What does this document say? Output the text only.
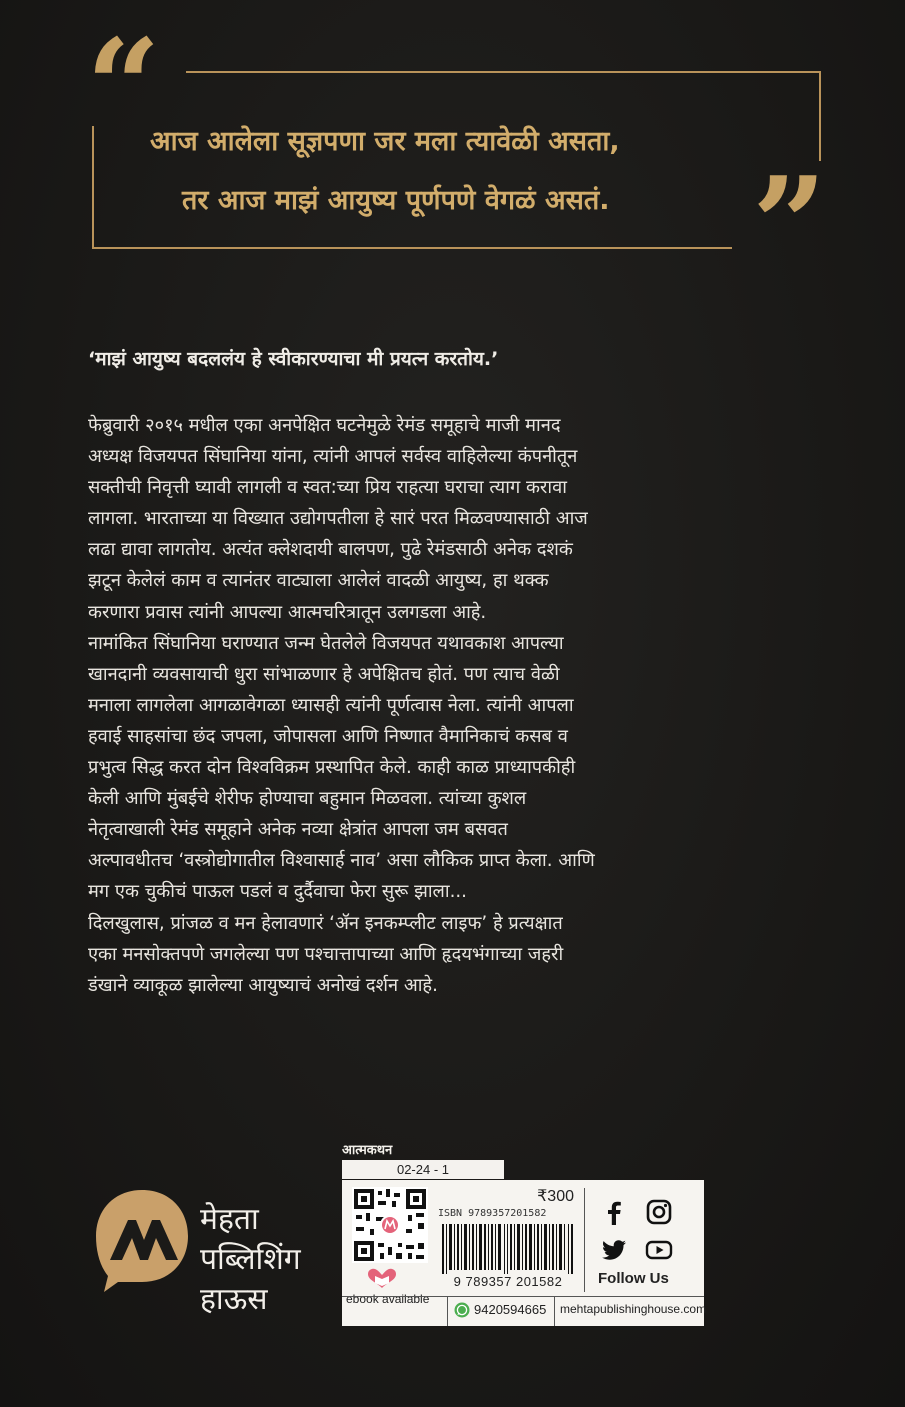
“
”
आज आलेला सूज्ञपणा जर मला त्यावेळी असता,
तर आज माझं आयुष्य पूर्णपणे वेगळं असतं.
‘माझं आयुष्य बदललंय हे स्वीकारण्याचा मी प्रयत्न करतोय.’
फेब्रुवारी २०१५ मधील एका अनपेक्षित घटनेमुळे रेमंड समूहाचे माजी मानद
अध्यक्ष विजयपत सिंघानिया यांना, त्यांनी आपलं सर्वस्व वाहिलेल्या कंपनीतून
सक्तीची निवृत्ती घ्यावी लागली व स्वत:च्या प्रिय राहत्या घराचा त्याग करावा
लागला. भारताच्या या विख्यात उद्योगपतीला हे सारं परत मिळवण्यासाठी आज
लढा द्यावा लागतोय. अत्यंत क्लेशदायी बालपण, पुढे रेमंडसाठी अनेक दशकं
झटून केलेलं काम व त्यानंतर वाट्याला आलेलं वादळी आयुष्य, हा थक्क
करणारा प्रवास त्यांनी आपल्या आत्मचरित्रातून उलगडला आहे.
नामांकित सिंघानिया घराण्यात जन्म घेतलेले विजयपत यथावकाश आपल्या
खानदानी व्यवसायाची धुरा सांभाळणार हे अपेक्षितच होतं. पण त्याच वेळी
मनाला लागलेला आगळावेगळा ध्यासही त्यांनी पूर्णत्वास नेला. त्यांनी आपला
हवाई साहसांचा छंद जपला, जोपासला आणि निष्णात वैमानिकाचं कसब व
प्रभुत्व सिद्ध करत दोन विश्वविक्रम प्रस्थापित केले. काही काळ प्राध्यापकीही
केली आणि मुंबईचे शेरीफ होण्याचा बहुमान मिळवला. त्यांच्या कुशल
नेतृत्वाखाली रेमंड समूहाने अनेक नव्या क्षेत्रांत आपला जम बसवत
अल्पावधीतच ‘वस्त्रोद्योगातील विश्वासार्ह नाव’ असा लौकिक प्राप्त केला. आणि
मग एक चुकीचं पाऊल पडलं व दुर्दैवाचा फेरा सुरू झाला...
दिलखुलास, प्रांजळ व मन हेलावणारं ‘ॲन इनकम्प्लीट लाइफ’ हे प्रत्यक्षात
एका मनसोक्तपणे जगलेल्या पण पश्चात्तापाच्या आणि हृदयभंगाच्या जहरी
डंखाने व्याकूळ झालेल्या आयुष्याचं अनोखं दर्शन आहे.
मेहता
पब्लिशिंग
हाऊस
आत्मकथन
02-24 - 1
₹300
ISBN 9789357201582
9 789357 201582
ebook available
Follow Us
9420594665 mehtapublishinghouse.com
